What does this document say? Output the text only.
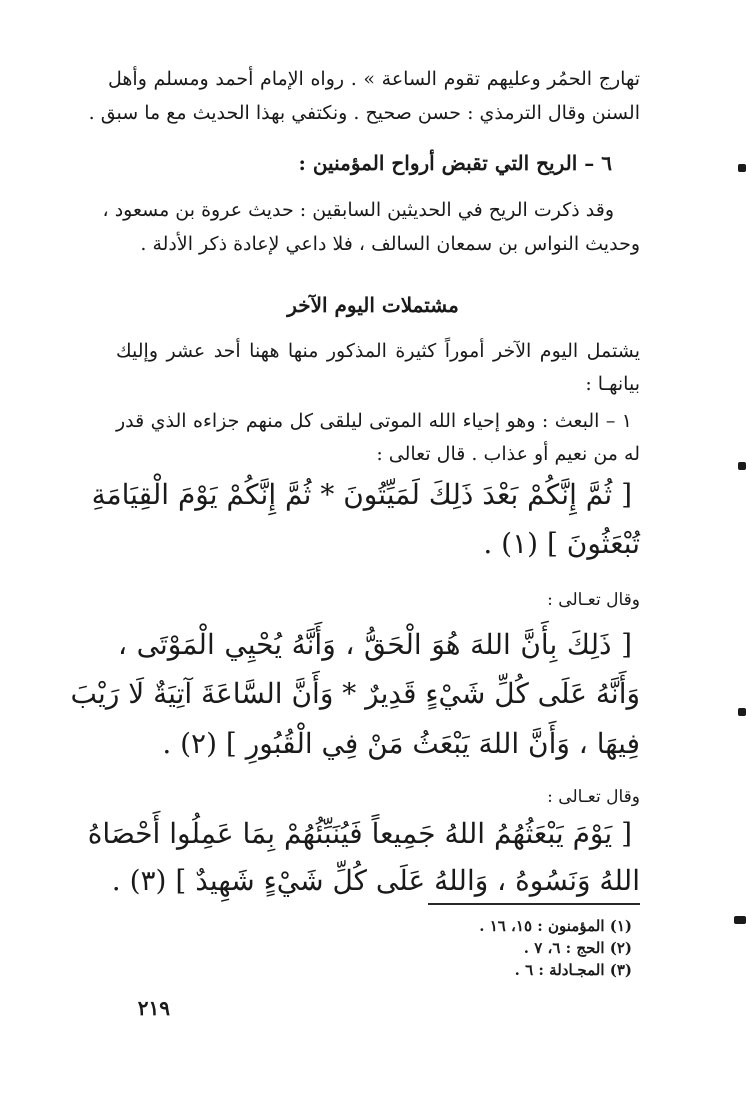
تهارج الحمُر وعليهم تقوم الساعة » . رواه الإمام أحمد ومسلم وأهل
السنن وقال الترمذي : حسن صحيح . ونكتفي بهذا الحديث مع ما سبق .
٦ – الريح التي تقبض أرواح المؤمنين :
وقد ذكرت الريح في الحديثين السابقين : حديث عروة بن مسعود ،
وحديث النواس بن سمعان السالف ، فلا داعي لإعادة ذكر الأدلة .
مشتملات اليوم الآخر
يشتمل اليوم الآخر أموراً كثيرة المذكور منها ههنا أحد عشر وإليك
بيانهـا :
١ – البعث : وهو إحياء الله الموتى ليلقى كل منهم جزاءه الذي قدر
له من نعيم أو عذاب . قال تعالى :
[ ثُمَّ إِنَّكُمْ بَعْدَ ذَلِكَ لَمَيِّتُونَ * ثُمَّ إِنَّكُمْ يَوْمَ الْقِيَامَةِ
تُبْعَثُونَ ] (١) .
وقال تعـالى :
[ ذَلِكَ بِأَنَّ اللهَ هُوَ الْحَقُّ ، وَأَنَّهُ يُحْيِي الْمَوْتَى ،
وَأَنَّهُ عَلَى كُلِّ شَيْءٍ قَدِيرٌ * وَأَنَّ السَّاعَةَ آتِيَةٌ لَا رَيْبَ
فِيهَا ، وَأَنَّ اللهَ يَبْعَثُ مَنْ فِي الْقُبُورِ ] (٢) .
وقال تعـالى :
[ يَوْمَ يَبْعَثُهُمُ اللهُ جَمِيعاً فَيُنَبِّئُهُمْ بِمَا عَمِلُوا أَحْصَاهُ
اللهُ وَنَسُوهُ ، وَاللهُ عَلَى كُلِّ شَيْءٍ شَهِيدٌ ] (٣) .
(١) المؤمنون : ١٥، ١٦ .
(٢) الحج : ٦، ٧ .
(٣) المجـادلة : ٦ .
٢١٩
